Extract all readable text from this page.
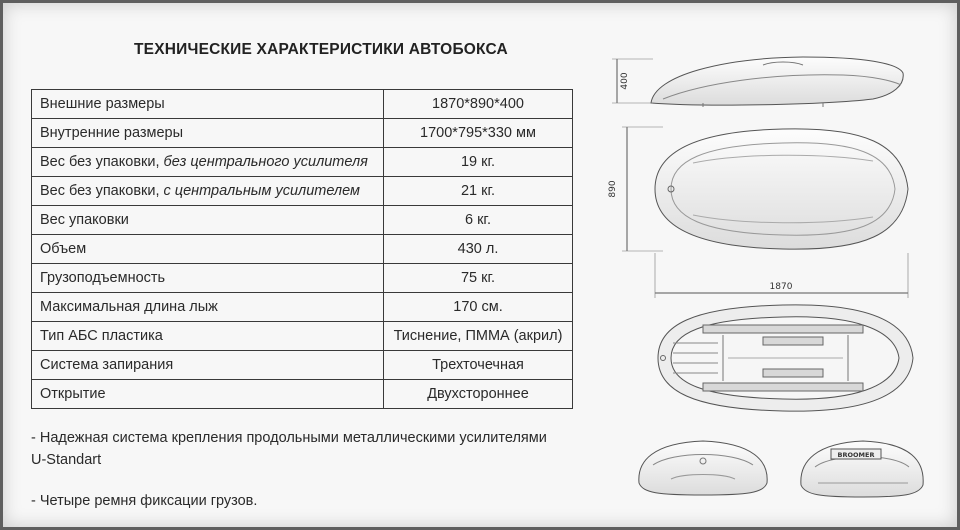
ТЕХНИЧЕСКИЕ ХАРАКТЕРИСТИКИ АВТОБОКСА
Внешние размеры	1870*890*400
Внутренние размеры	1700*795*330 мм
Вес без упаковки, без центрального усилителя	19 кг.
Вес без упаковки, с центральным усилителем	21 кг.
Вес упаковки	6 кг.
Объем	430 л.
Грузоподъемность	75 кг.
Максимальная длина лыж	170 см.
Тип АБС пластика	Тиснение, ПММА (акрил)
Система запирания	Трехточечная
Открытие	Двухстороннее
- Надежная система крепления продольными металлическими усилителями U-Standart
- Четыре ремня фиксации грузов.
400
890
1870
BROOMER
